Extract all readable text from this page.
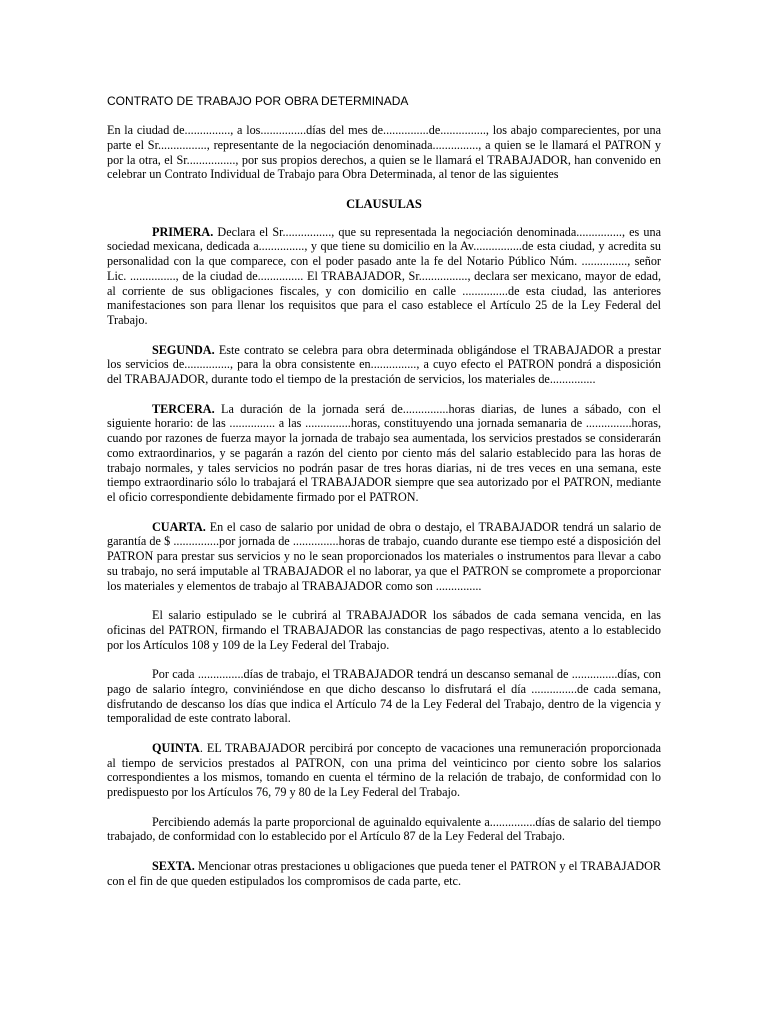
CONTRATO DE TRABAJO POR OBRA DETERMINADA

En la ciudad de..............., a los...............días del mes de...............de..............., los abajo comparecientes, por una parte el Sr................, representante de la negociación denominada..............., a quien se le llamará el PATRON y por la otra, el Sr................, por sus propios derechos, a quien se le llamará el TRABAJADOR, han convenido en celebrar un Contrato Individual de Trabajo para Obra Determinada, al tenor de las siguientes

CLAUSULAS

PRIMERA. Declara el Sr................, que su representada la negociación denominada..............., es una sociedad mexicana, dedicada a..............., y que tiene su domicilio en la Av................de esta ciudad, y acredita su personalidad con la que comparece, con el poder pasado ante la fe del Notario Público Núm. ..............., señor Lic. ..............., de la ciudad de............... El TRABAJADOR, Sr................, declara ser mexicano, mayor de edad, al corriente de sus obligaciones fiscales, y con domicilio en calle ...............de esta ciudad, las anteriores manifestaciones son para llenar los requisitos que para el caso establece el Artículo 25 de la Ley Federal del Trabajo.

SEGUNDA. Este contrato se celebra para obra determinada obligándose el TRABAJADOR a prestar los servicios de..............., para la obra consistente en..............., a cuyo efecto el PATRON pondrá a disposición del TRABAJADOR, durante todo el tiempo de la prestación de servicios, los materiales de...............

TERCERA. La duración de la jornada será de...............horas diarias, de lunes a sábado, con el siguiente horario: de las ............... a las ...............horas, constituyendo una jornada semanaria de ...............horas, cuando por razones de fuerza mayor la jornada de trabajo sea aumentada, los servicios prestados se considerarán como extraordinarios, y se pagarán a razón del ciento por ciento más del salario establecido para las horas de trabajo normales, y tales servicios no podrán pasar de tres horas diarias, ni de tres veces en una semana, este tiempo extraordinario sólo lo trabajará el TRABAJADOR siempre que sea autorizado por el PATRON, mediante el oficio correspondiente debidamente firmado por el PATRON.

CUARTA. En el caso de salario por unidad de obra o destajo, el TRABAJADOR tendrá un salario de garantía de $ ...............por jornada de ...............horas de trabajo, cuando durante ese tiempo esté a disposición del PATRON para prestar sus servicios y no le sean proporcionados los materiales o instrumentos para llevar a cabo su trabajo, no será imputable al TRABAJADOR el no laborar, ya que el PATRON se compromete a proporcionar los materiales y elementos de trabajo al TRABAJADOR como son ...............

El salario estipulado se le cubrirá al TRABAJADOR los sábados de cada semana vencida, en las oficinas del PATRON, firmando el TRABAJADOR las constancias de pago respectivas, atento a lo establecido por los Artículos 108 y 109 de la Ley Federal del Trabajo.

Por cada ...............días de trabajo, el TRABAJADOR tendrá un descanso semanal de ...............días, con pago de salario íntegro, conviniéndose en que dicho descanso lo disfrutará el día ...............de cada semana, disfrutando de descanso los días que indica el Artículo 74 de la Ley Federal del Trabajo, dentro de la vigencia y temporalidad de este contrato laboral.

QUINTA. EL TRABAJADOR percibirá por concepto de vacaciones una remuneración proporcionada al tiempo de servicios prestados al PATRON, con una prima del veinticinco por ciento sobre los salarios correspondientes a los mismos, tomando en cuenta el término de la relación de trabajo, de conformidad con lo predispuesto por los Artículos 76, 79 y 80 de la Ley Federal del Trabajo.

Percibiendo además la parte proporcional de aguinaldo equivalente a...............días de salario del tiempo trabajado, de conformidad con lo establecido por el Artículo 87 de la Ley Federal del Trabajo.

SEXTA. Mencionar otras prestaciones u obligaciones que pueda tener el PATRON y el TRABAJADOR con el fin de que queden estipulados los compromisos de cada parte, etc.
